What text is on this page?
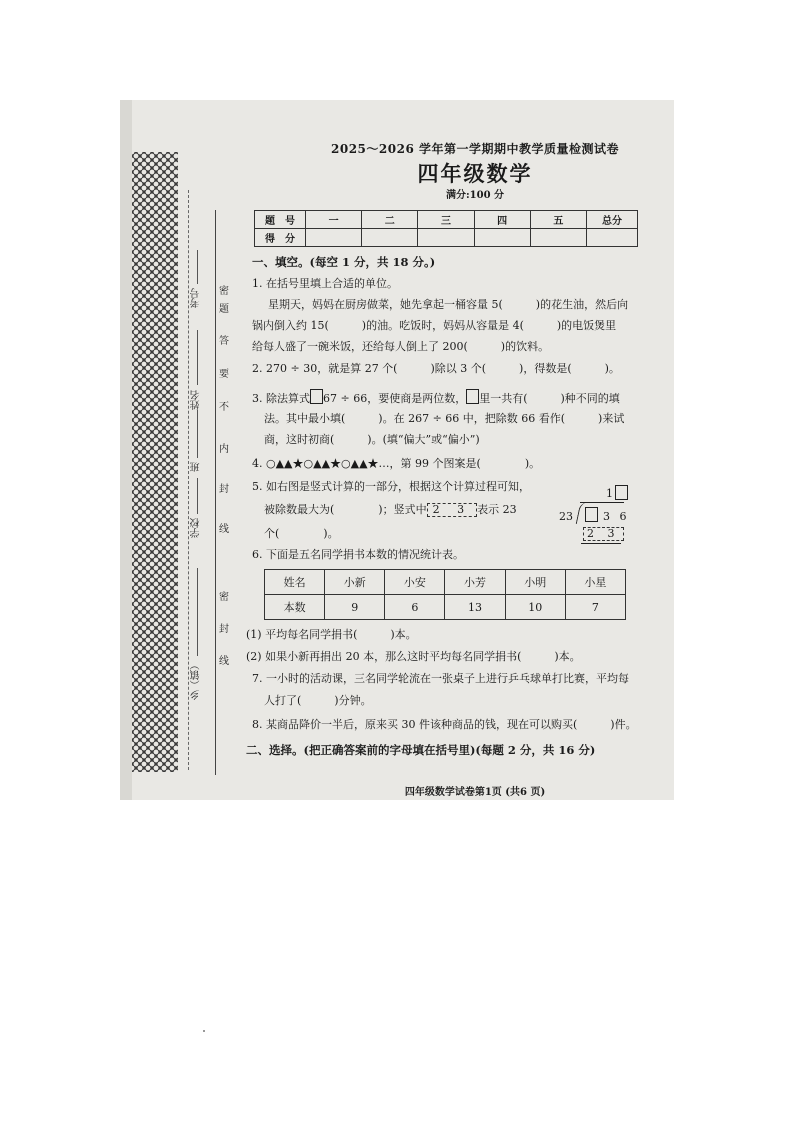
考号
姓名
班
学校
乡（镇）
密
题
答
要
不
内
封
线
密
封
线
2025～2026 学年第一学期期中教学质量检测试卷
四年级数学
满分:100 分
题　号	一	二	三	四	五	总分
得　分						
一、填空。(每空 1 分，共 18 分。)
1. 在括号里填上合适的单位。
星期天，妈妈在厨房做菜，她先拿起一桶容量 5(　　　)的花生油，然后向
锅内倒入约 15(　　　)的油。吃饭时，妈妈从容量是 4(　　　)的电饭煲里
给每人盛了一碗米饭，还给每人倒上了 200(　　　)的饮料。
2. 270 ÷ 30，就是算 27 个(　　　)除以 3 个(　　　)，得数是(　　　)。
3. 除法算式 67 ÷ 66，要使商是两位数， 里一共有(　　　)种不同的填
法。其中最小填(　　　)。在 267 ÷ 66 中，把除数 66 看作(　　　)来试
商，这时初商(　　　)。(填“偏大”或“偏小”)
4. ○▲▲★○▲▲★○▲▲★…，第 99 个图案是(　　　　)。
5. 如右图是竖式计算的一部分，根据这个计算过程可知，
被除数最大为(　　　　)；竖式中 2 3 表示 23
个(　　　　)。
1
23	3 6
2 3
6. 下面是五名同学捐书本数的情况统计表。
姓名	小新	小安	小芳	小明	小星
本数	9	6	13	10	7
(1) 平均每名同学捐书(　　　)本。
(2) 如果小新再捐出 20 本，那么这时平均每名同学捐书(　　　)本。
7. 一小时的活动课，三名同学轮流在一张桌子上进行乒乓球单打比赛，平均每
人打了(　　　)分钟。
8. 某商品降价一半后，原来买 30 件该种商品的钱，现在可以购买(　　　)件。
二、选择。(把正确答案前的字母填在括号里)(每题 2 分，共 16 分)
四年级数学试卷第1页 (共6 页)
